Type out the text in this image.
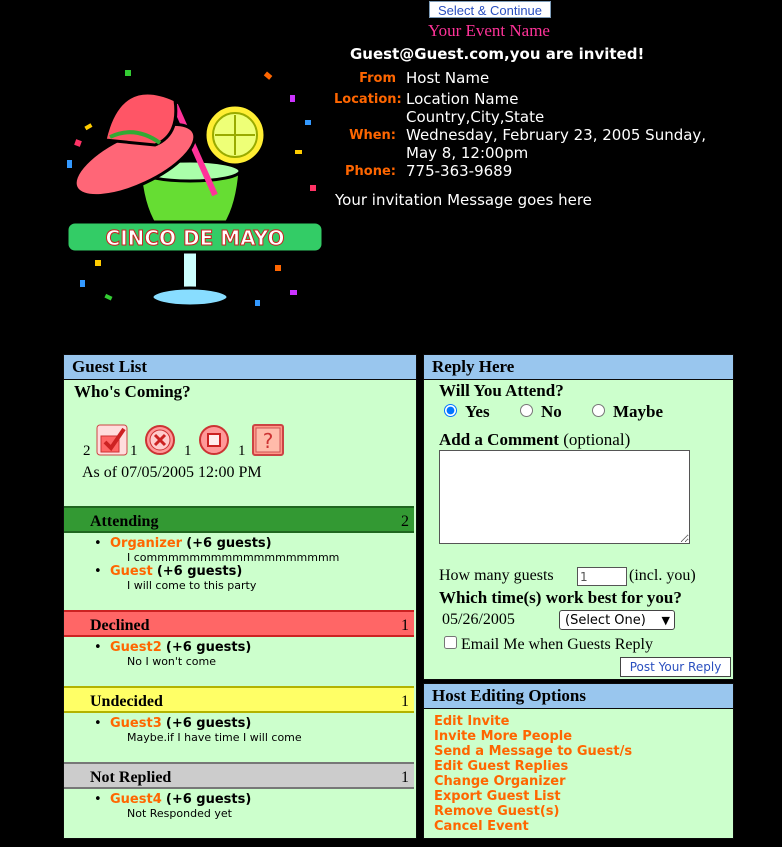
Select & Continue
Your Event Name
Guest@Guest.com,you are invited!
From Host Name
Location: Location Name
Country,City,State
When: Wednesday, February 23, 2005 Sunday,
May 8, 12:00pm
Phone: 775-363-9689
Your invitation Message goes here
CINCO DE MAYO
Guest List
Who's Coming?
2	1	1	1 ?
As of 07/05/2005 12:00 PM
Attending	2
• Organizer (+6 guests)
I commmmmmmmmmmmmmmmmm
• Guest (+6 guests)
I will come to this party
Declined	1
• Guest2 (+6 guests)
No I won't come
Undecided	1
• Guest3 (+6 guests)
Maybe.if I have time I will come
Not Replied	1
• Guest4 (+6 guests)
Not Responded yet
Reply Here
Will You Attend?
Yes	No	Maybe
Add a Comment (optional)
How many guests
1	(incl. you)
Which time(s) work best for you?
05/26/2005	(Select One) ▼
Email Me when Guests Reply
Post Your Reply
Host Editing Options
Edit Invite
Invite More People
Send a Message to Guest/s
Edit Guest Replies
Change Organizer
Export Guest List
Remove Guest(s)
Cancel Event
